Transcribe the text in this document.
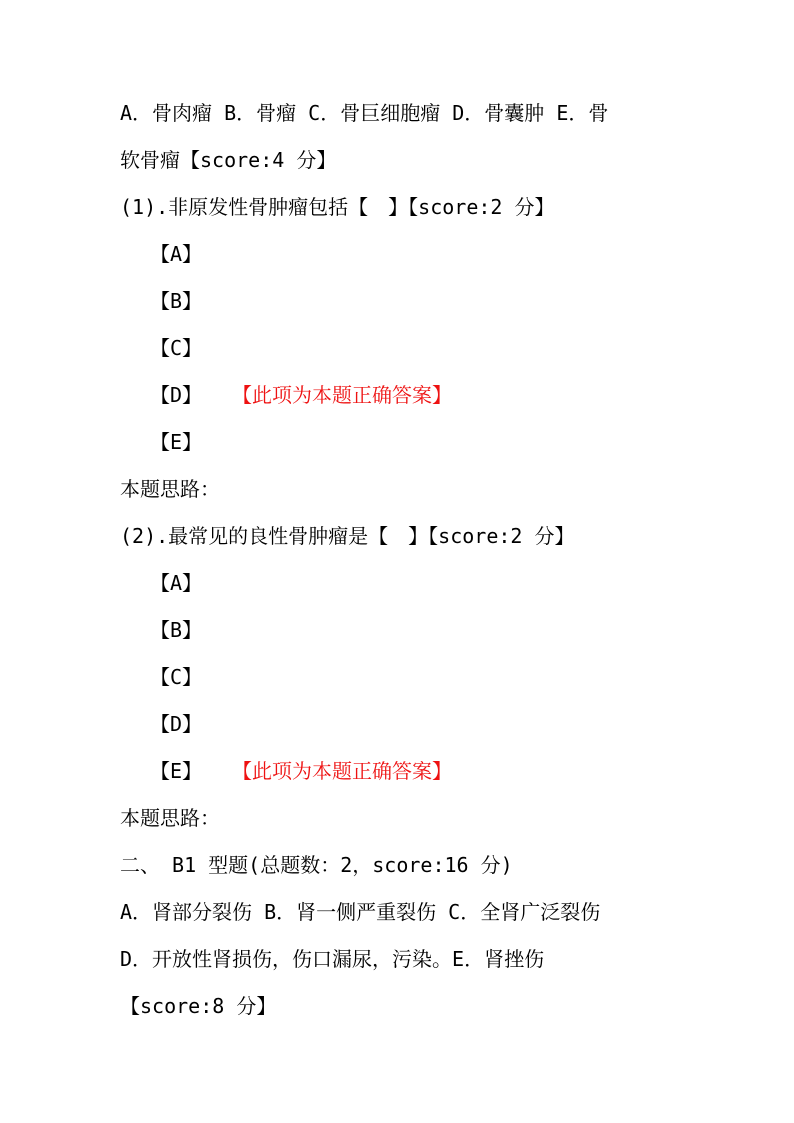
A．骨肉瘤 B．骨瘤 C．骨巨细胞瘤 D．骨囊肿 E．骨
软骨瘤【score:4 分】
(1).非原发性骨肿瘤包括【　】【score:2 分】
【A】
【B】
【C】
【D】 【此项为本题正确答案】
【E】
本题思路：
(2).最常见的良性骨肿瘤是【　】【score:2 分】
【A】
【B】
【C】
【D】
【E】 【此项为本题正确答案】
本题思路：
二、 B1 型题(总题数：2，score:16 分)
A．肾部分裂伤 B．肾一侧严重裂伤 C．全肾广泛裂伤
D．开放性肾损伤，伤口漏尿，污染。E．肾挫伤
【score:8 分】
